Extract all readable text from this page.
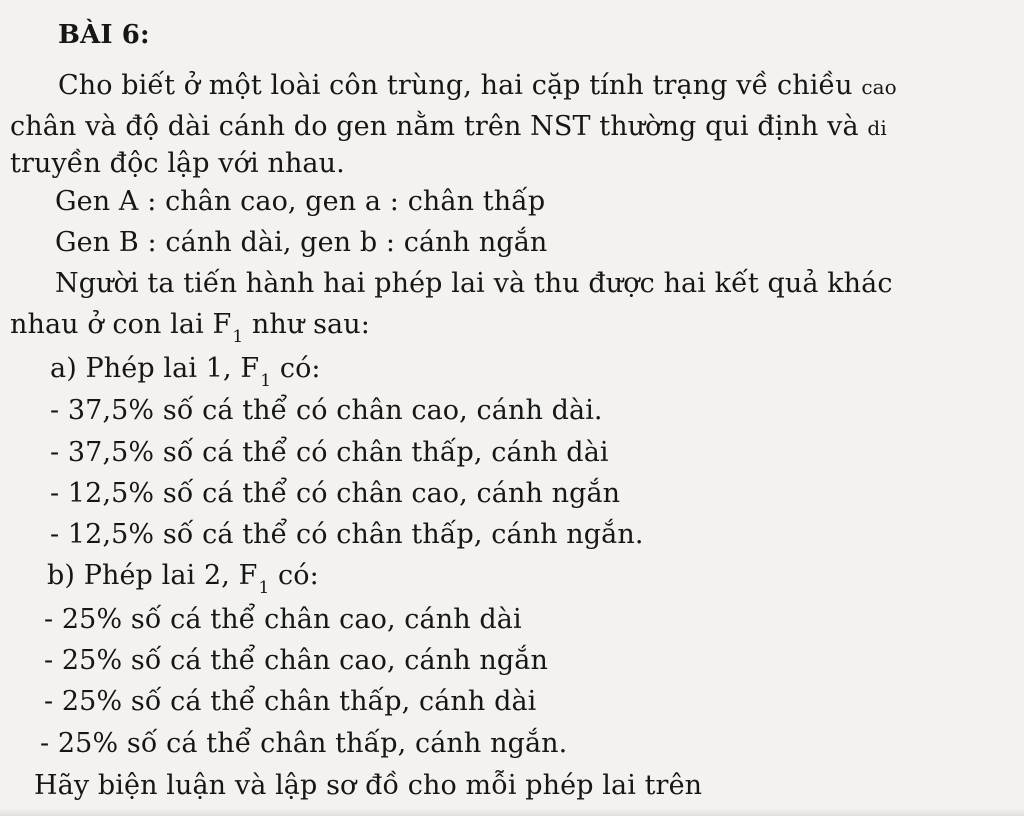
BÀI 6:
Cho biết ở một loài côn trùng, hai cặp tính trạng về chiều cao
chân và độ dài cánh do gen nằm trên NST thường qui định và di
truyền độc lập với nhau.
Gen A : chân cao, gen a : chân thấp
Gen B : cánh dài, gen b : cánh ngắn
Người ta tiến hành hai phép lai và thu được hai kết quả khác
nhau ở con lai $F_1$ như sau:
a) Phép lai 1, $F_1$ có:
- 37,5% số cá thể có chân cao, cánh dài.
- 37,5% số cá thể có chân thấp, cánh dài
- 12,5% số cá thể có chân cao, cánh ngắn
- 12,5% số cá thể có chân thấp, cánh ngắn.
b) Phép lai 2, $F_1$ có:
- 25% số cá thể chân cao, cánh dài
- 25% số cá thể chân cao, cánh ngắn
- 25% số cá thể chân thấp, cánh dài
- 25% số cá thể chân thấp, cánh ngắn.
Hãy biện luận và lập sơ đồ cho mỗi phép lai trên
